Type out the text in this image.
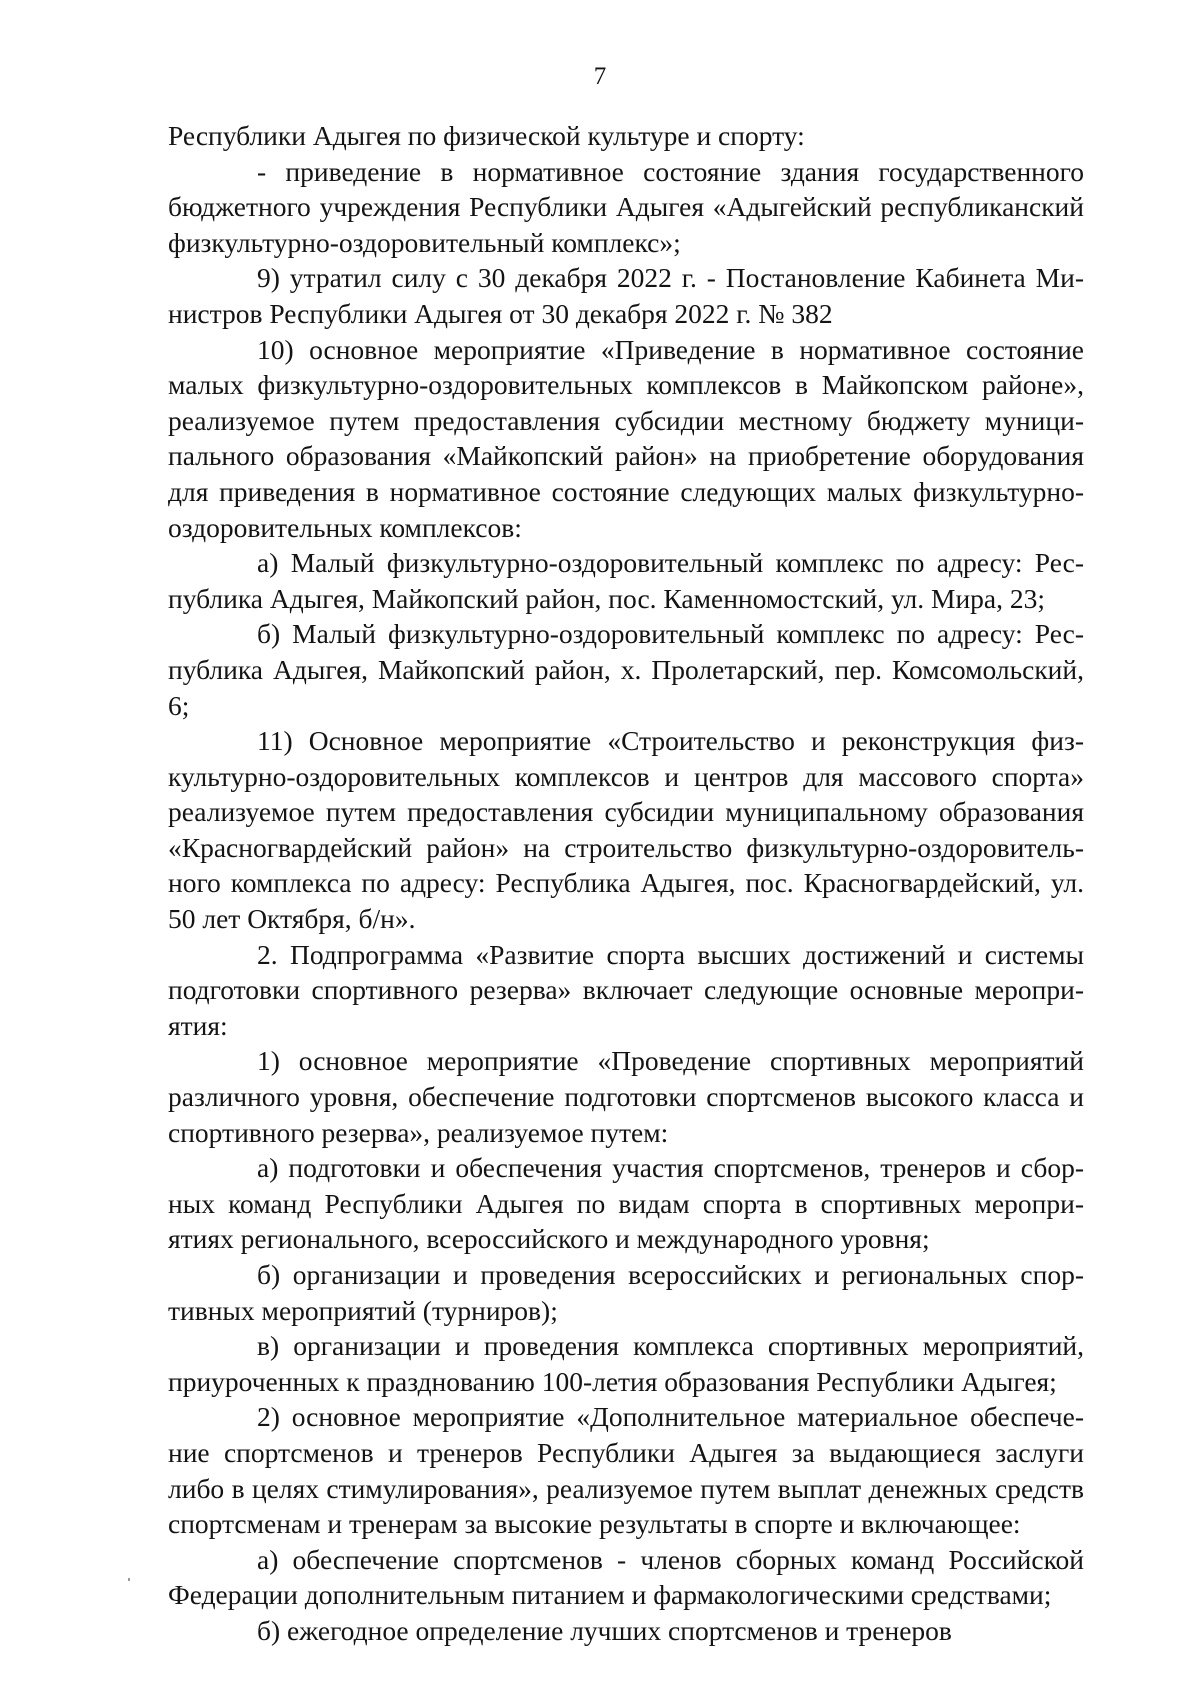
7

Республики Адыгея по физической культуре и спорту:

- приведение в нормативное состояние здания государственного бюджетного учреждения Республики Адыгея «Адыгейский республиканский физкультурно-оздоровительный комплекс»;

9) утратил силу с 30 декабря 2022 г. - Постановление Кабинета Министров Республики Адыгея от 30 декабря 2022 г. № 382

10) основное мероприятие «Приведение в нормативное состояние малых физкультурно-оздоровительных комплексов в Майкопском районе», реализуемое путем предоставления субсидии местному бюджету муниципального образования «Майкопский район» на приобретение оборудования для приведения в нормативное состояние следующих малых физкультурно-оздоровительных комплексов:

а) Малый физкультурно-оздоровительный комплекс по адресу: Республика Адыгея, Майкопский район, пос. Каменномостский, ул. Мира, 23;

б) Малый физкультурно-оздоровительный комплекс по адресу: Республика Адыгея, Майкопский район, х. Пролетарский, пер. Комсомольский, 6;

11) Основное мероприятие «Строительство и реконструкция физкультурно-оздоровительных комплексов и центров для массового спорта» реализуемое путем предоставления субсидии муниципальному образования «Красногвардейский район» на строительство физкультурно-оздоровительного комплекса по адресу: Республика Адыгея, пос. Красногвардейский, ул. 50 лет Октября, б/н».

2. Подпрограмма «Развитие спорта высших достижений и системы подготовки спортивного резерва» включает следующие основные мероприятия:

1) основное мероприятие «Проведение спортивных мероприятий различного уровня, обеспечение подготовки спортсменов высокого класса и спортивного резерва», реализуемое путем:

а) подготовки и обеспечения участия спортсменов, тренеров и сборных команд Республики Адыгея по видам спорта в спортивных мероприятиях регионального, всероссийского и международного уровня;

б) организации и проведения всероссийских и региональных спортивных мероприятий (турниров);

в) организации и проведения комплекса спортивных мероприятий, приуроченных к празднованию 100-летия образования Республики Адыгея;

2) основное мероприятие «Дополнительное материальное обеспечение спортсменов и тренеров Республики Адыгея за выдающиеся заслуги либо в целях стимулирования», реализуемое путем выплат денежных средств спортсменам и тренерам за высокие результаты в спорте и включающее:

а) обеспечение спортсменов - членов сборных команд Российской Федерации дополнительным питанием и фармакологическими средствами;

б) ежегодное определение лучших спортсменов и тренеров
